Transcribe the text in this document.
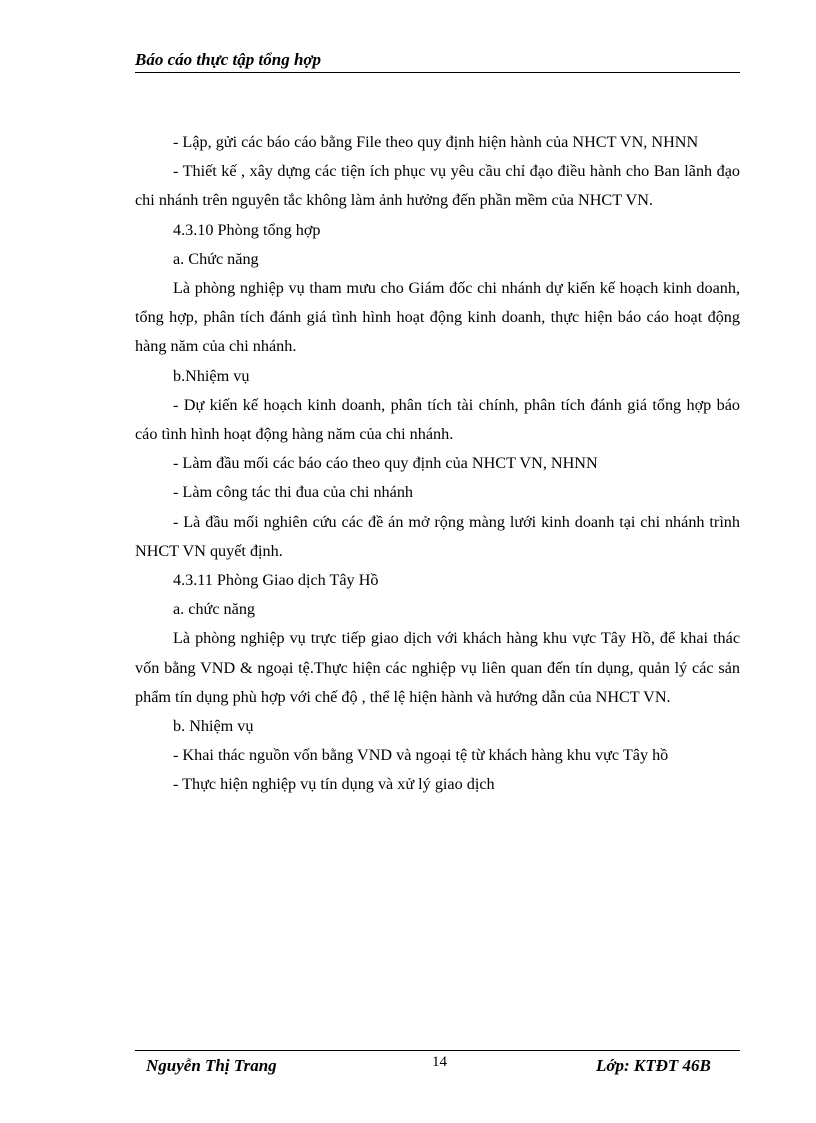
Báo cáo thực tập tổng hợp

- Lập, gửi các báo cáo bằng File theo quy định hiện hành của NHCT VN, NHNN

- Thiết kế , xây dựng các tiện ích phục vụ yêu cầu chỉ đạo điều hành cho Ban lãnh đạo chi nhánh trên nguyên tắc không làm ảnh hưởng đến phần mềm của NHCT VN.

4.3.10 Phòng tổng hợp

a. Chức năng

Là phòng nghiệp vụ tham mưu cho Giám đốc chi nhánh dự kiến kế hoạch kinh doanh, tổng hợp, phân tích đánh giá tình hình hoạt động kinh doanh, thực hiện báo cáo hoạt động hàng năm của chi nhánh.

b.Nhiệm vụ

- Dự kiến kế hoạch kinh doanh, phân tích tài chính, phân tích đánh giá tổng hợp báo cáo tình hình hoạt động hàng năm của chi nhánh.

- Làm đầu mối các báo cáo theo quy định của NHCT VN, NHNN

- Làm công tác thi đua của chi nhánh

- Là đầu mối nghiên cứu các đề án mở rộng màng lưới kinh doanh tại chi nhánh trình NHCT VN quyết định.

4.3.11 Phòng Giao dịch Tây Hồ

a. chức năng

Là phòng nghiệp vụ trực tiếp giao dịch với khách hàng khu vực Tây Hồ, để khai thác vốn bằng VND & ngoại tệ.Thực hiện các nghiệp vụ liên quan đến tín dụng, quản lý các sản phẩm tín dụng phù hợp với chế độ , thể lệ hiện hành và hướng dẫn của NHCT VN.

b. Nhiệm vụ

- Khai thác nguồn vốn bằng VND và ngoại tệ từ khách hàng khu vực Tây hồ

- Thực hiện nghiệp vụ tín dụng và xử lý giao dịch

Nguyễn Thị Trang	14	Lớp: KTĐT 46B
